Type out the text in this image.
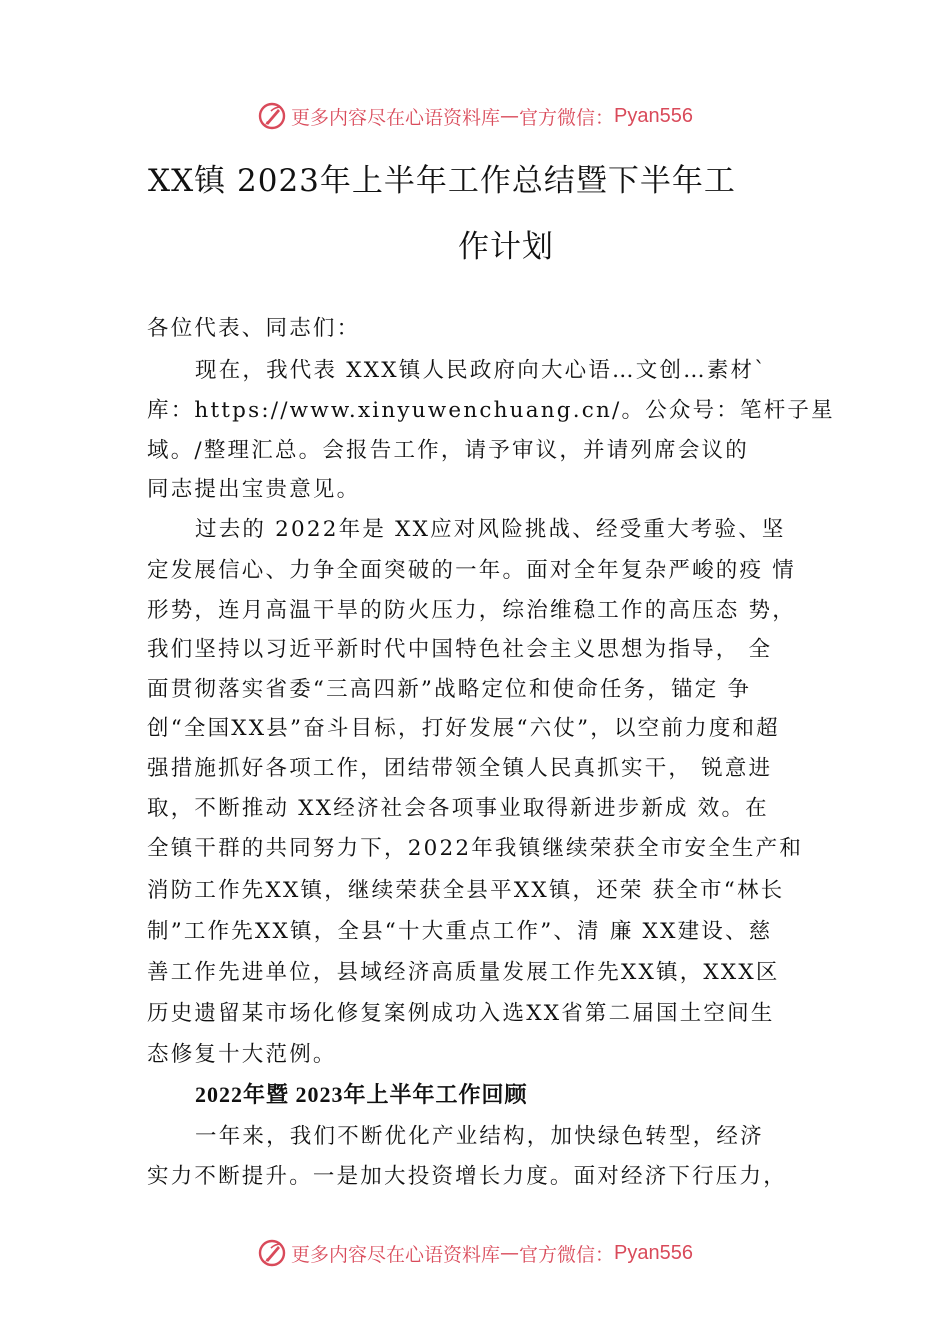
更多内容尽在心语资料库 — 官方微信： Pyan556
XX镇 2023年上半年工作总结暨下半年工
作计划
各位代表、同志们：
现在，我代表 XXX镇人民政府向大心语…文创…素材`
库：https://www.xinyuwenchuang.cn/。公众号：笔杆子星
域。/整理汇总。会报告工作，请予审议，并请列席会议的
同志提出宝贵意见。
过去的 2022年是 XX应对风险挑战、经受重大考验、坚
定发展信心、力争全面突破的一年。面对全年复杂严峻的疫 情
形势，连月高温干旱的防火压力，综治维稳工作的高压态 势，
我们坚持以习近平新时代中国特色社会主义思想为指导， 全
面贯彻落实省委“三高四新”战略定位和使命任务，锚定 争
创“全国XX县”奋斗目标，打好发展“六仗”，以空前力度和超
强措施抓好各项工作，团结带领全镇人民真抓实干， 锐意进
取，不断推动 XX经济社会各项事业取得新进步新成 效。在
全镇干群的共同努力下，2022年我镇继续荣获全市安全生产和
消防工作先XX镇，继续荣获全县平XX镇，还荣 获全市“林长
制”工作先XX镇，全县“十大重点工作”、清 廉 XX建设、慈
善工作先进单位，县域经济高质量发展工作先XX镇，XXX区
历史遗留某市场化修复案例成功入选XX省第二届国土空间生
态修复十大范例。
2022年暨 2023年上半年工作回顾
一年来，我们不断优化产业结构，加快绿色转型，经济
实力不断提升。一是加大投资增长力度。面对经济下行压力，
更多内容尽在心语资料库 — 官方微信： Pyan556
